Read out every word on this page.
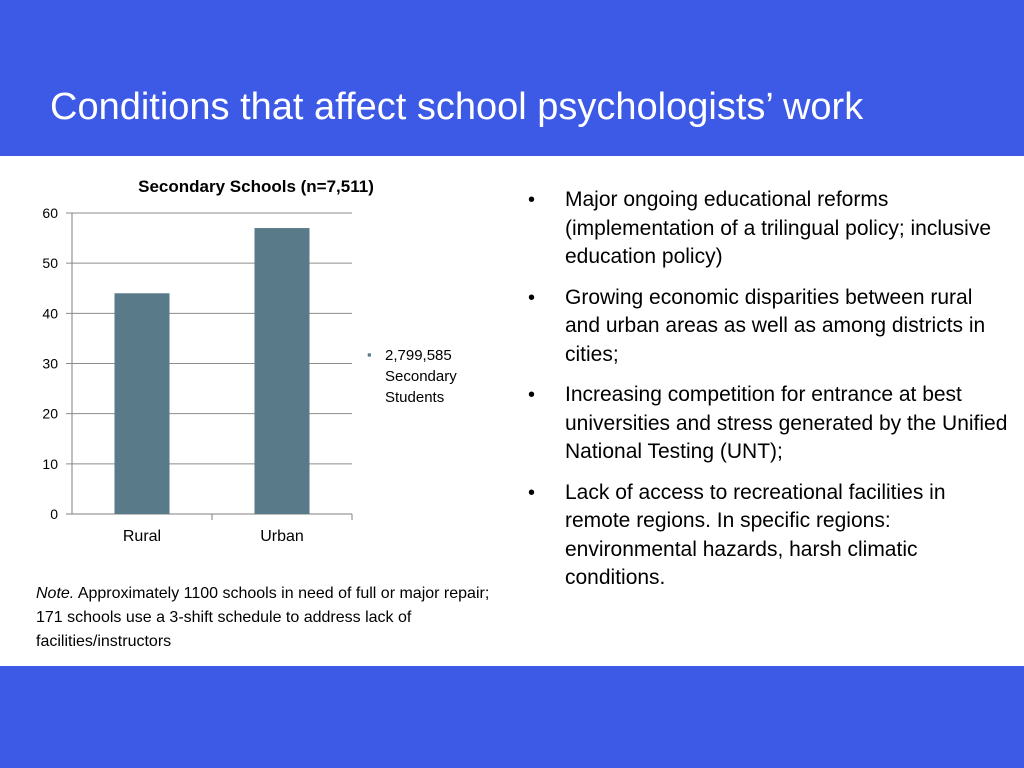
Conditions that affect school psychologists’ work
Secondary Schools (n=7,511)
0
10
20
30
40
50
60
Rural	Urban
▪ 2,799,585
Secondary
Students

Note. Approximately 1100 schools in need of full or major repair; 171 schools use a 3-shift schedule to address lack of facilities/instructors

• Major ongoing educational reforms (implementation of a trilingual policy; inclusive education policy)
• Growing economic disparities between rural and urban areas as well as among districts in cities;
• Increasing competition for entrance at best universities and stress generated by the Unified National Testing (UNT);
• Lack of access to recreational facilities in remote regions. In specific regions: environmental hazards, harsh climatic conditions.
